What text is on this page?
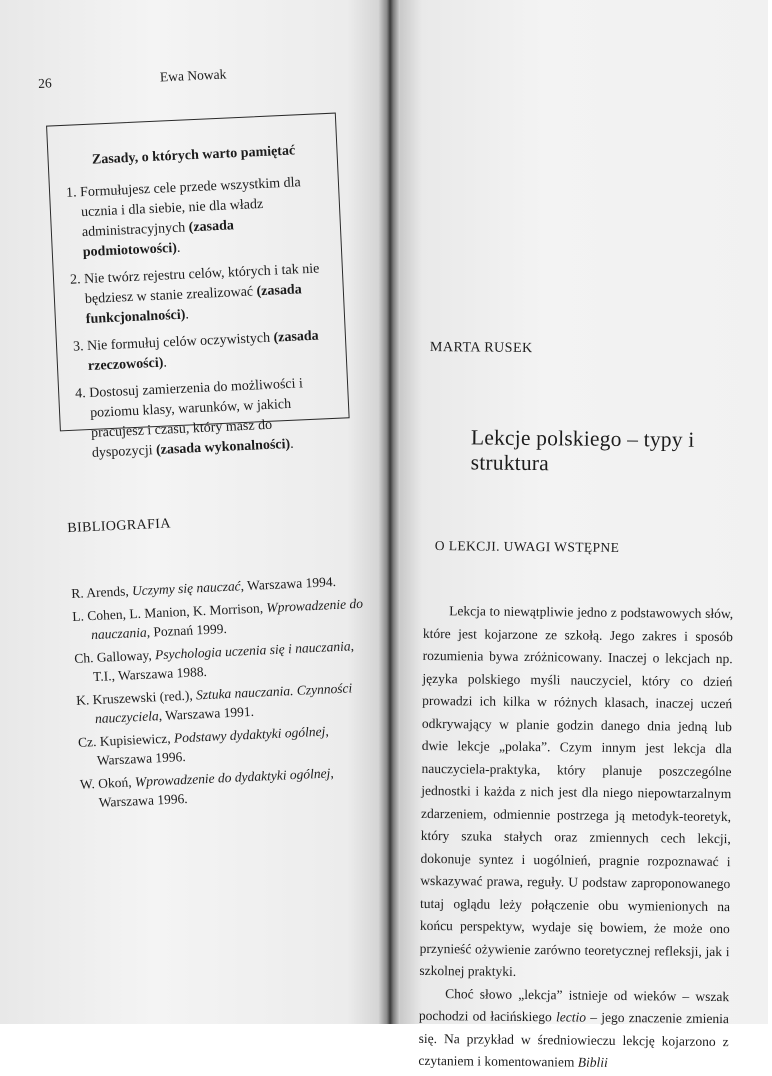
26	Ewa Nowak
Zasady, o których warto pamiętać
1. Formułujesz cele przede wszystkim dla ucznia i dla siebie, nie dla władz administracyjnych (zasada podmiotowości).
2. Nie twórz rejestru celów, których i tak nie będziesz w stanie zrealizować (zasada funkcjonalności).
3. Nie formułuj celów oczywistych (zasada rzeczowości).
4. Dostosuj zamierzenia do możliwości i poziomu klasy, warunków, w jakich pracujesz i czasu, który masz do dyspozycji (zasada wykonalności).
BIBLIOGRAFIA
R. Arends, Uczymy się nauczać, Warszawa 1994.
L. Cohen, L. Manion, K. Morrison, Wprowadzenie do nauczania, Poznań 1999.
Ch. Galloway, Psychologia uczenia się i nauczania, T.I., Warszawa 1988.
K. Kruszewski (red.), Sztuka nauczania. Czynności nauczyciela, Warszawa 1991.
Cz. Kupisiewicz, Podstawy dydaktyki ogólnej, Warszawa 1996.
W. Okoń, Wprowadzenie do dydaktyki ogólnej, Warszawa 1996.
MARTA RUSEK
Lekcje polskiego – typy i struktura
O LEKCJI. UWAGI WSTĘPNE

Lekcja to niewątpliwie jedno z podstawowych słów, które jest kojarzone ze szkołą. Jego zakres i sposób rozumienia bywa zróżnicowany. Inaczej o lekcjach np. języka polskiego myśli nauczyciel, który co dzień prowadzi ich kilka w różnych klasach, inaczej uczeń odkrywający w planie godzin danego dnia jedną lub dwie lekcje „polaka”. Czym innym jest lekcja dla nauczyciela-praktyka, który planuje poszczególne jednostki i każda z nich jest dla niego niepowtarzalnym zdarzeniem, odmiennie postrzega ją metodyk-teoretyk, który szuka stałych oraz zmiennych cech lekcji, dokonuje syntez i uogólnień, pragnie rozpoznawać i wskazywać prawa, reguły. U podstaw zaproponowanego tutaj oglądu leży połączenie obu wymienionych na końcu perspektyw, wydaje się bowiem, że może ono przynieść ożywienie zarówno teoretycznej refleksji, jak i szkolnej praktyki.

Choć słowo „lekcja” istnieje od wieków – wszak pochodzi od łacińskiego lectio – jego znaczenie zmienia się. Na przykład w średniowieczu lekcję kojarzono z czytaniem i komentowaniem Biblii
